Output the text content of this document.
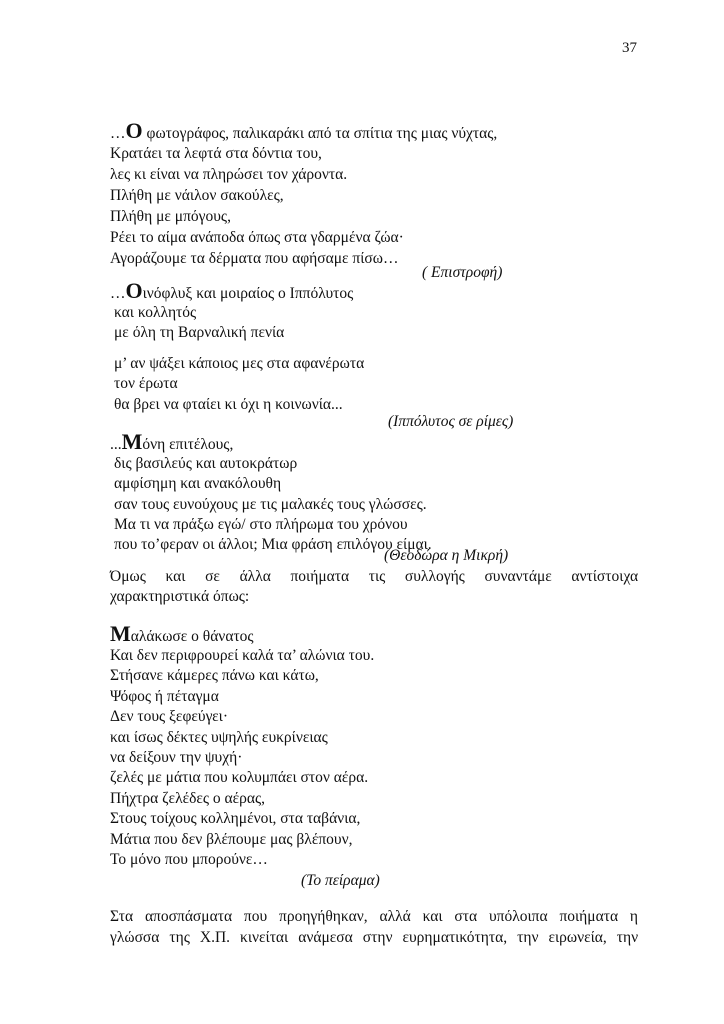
37
…Ο φωτογράφος, παλικαράκι από τα σπίτια της μιας νύχτας,
Κρατάει τα λεφτά στα δόντια του,
λες κι είναι να πληρώσει τον χάροντα.
Πλήθη με νάιλον σακούλες,
Πλήθη με μπόγους,
Ρέει το αίμα ανάποδα όπως στα γδαρμένα ζώα·
Αγοράζουμε τα δέρματα που αφήσαμε πίσω…
( Επιστροφή)
…Οινόφλυξ και μοιραίος ο Ιππόλυτος
και κολλητός
με όλη τη Βαρναλική πενία
μ’ αν ψάξει κάποιος μες στα αφανέρωτα
τον έρωτα
θα βρει να φταίει κι όχι η κοινωνία...
(Ιππόλυτος σε ρίμες)
...Μόνη επιτέλους,
δις βασιλεύς και αυτοκράτωρ
αμφίσημη και ανακόλουθη
σαν τους ευνούχους με τις μαλακές τους γλώσσες.
Μα τι να πράξω εγώ/ στο πλήρωμα του χρόνου
που το’φεραν οι άλλοι; Μια φράση επιλόγου είμαι.
(Θεοδώρα η Μικρή)
Όμως και σε άλλα ποιήματα τις συλλογής συναντάμε αντίστοιχα
χαρακτηριστικά όπως:
Μαλάκωσε ο θάνατος
Και δεν περιφρουρεί καλά τα’ αλώνια του.
Στήσανε κάμερες πάνω και κάτω,
Ψόφος ή πέταγμα
Δεν τους ξεφεύγει·
και ίσως δέκτες υψηλής ευκρίνειας
να δείξουν την ψυχή·
ζελές με μάτια που κολυμπάει στον αέρα.
Πήχτρα ζελέδες ο αέρας,
Στους τοίχους κολλημένοι, στα ταβάνια,
Μάτια που δεν βλέπουμε μας βλέπουν,
Το μόνο που μπορούνε…
(Το πείραμα)
Στα αποσπάσματα που προηγήθηκαν, αλλά και στα υπόλοιπα ποιήματα η
γλώσσα της Χ.Π. κινείται ανάμεσα στην ευρηματικότητα, την ειρωνεία, την
